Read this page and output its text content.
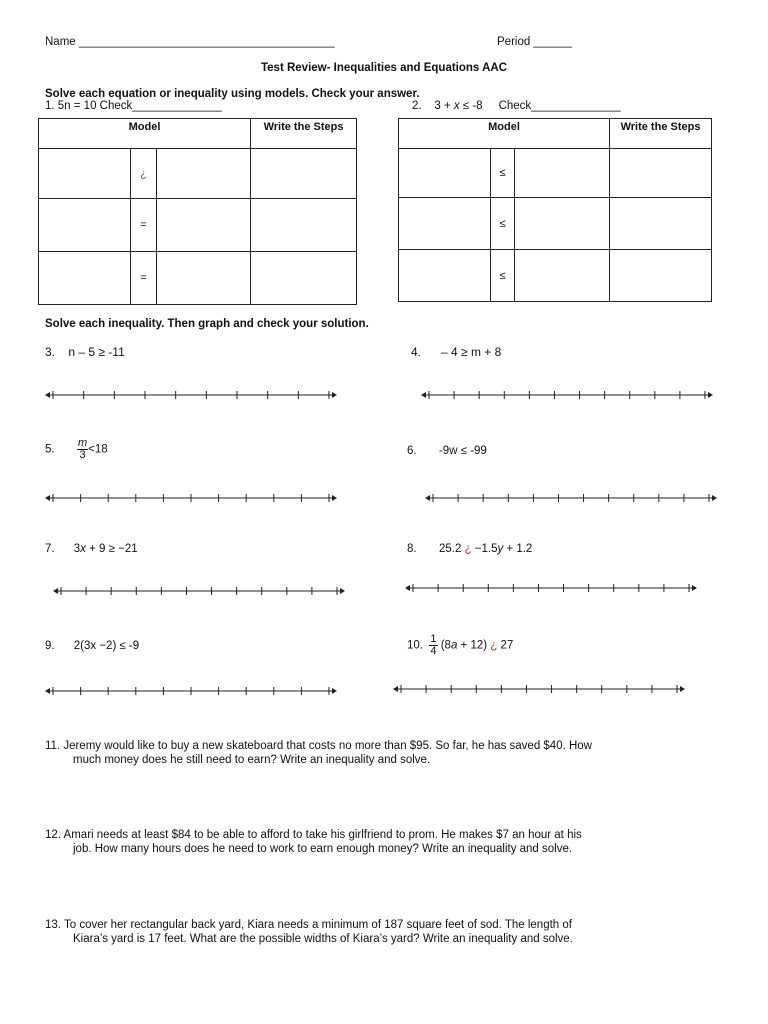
Name ________________________________________	Period ______
Test Review- Inequalities and Equations AAC
Solve each equation or inequality using models. Check your answer.
1. 5n = 10 Check______________	2. 3 + x ≤ -8 Check______________
Model			Write the Steps
	¿		
	=		
	=		
Model			Write the Steps
	≤		
	≤		
	≤		
Solve each inequality. Then graph and check your solution.
3. n – 5 ≥ -11	4. – 4 ≥ m + 8
5. $\frac{m}{3} <18$	6. -9w ≤ -99
7. 3x + 9 ≥ −21	8. 25.2 ¿ −1.5y + 1.2
9. 2(3x −2) ≤ -9	10. $\frac{1}{4} (8a + 12)$ ¿ 27
11. Jeremy would like to buy a new skateboard that costs no more than $95. So far, he has saved $40. How
much money does he still need to earn? Write an inequality and solve.
12. Amari needs at least $84 to be able to afford to take his girlfriend to prom. He makes $7 an hour at his
job. How many hours does he need to work to earn enough money? Write an inequality and solve.
13. To cover her rectangular back yard, Kiara needs a minimum of 187 square feet of sod. The length of
Kiara’s yard is 17 feet. What are the possible widths of Kiara’s yard? Write an inequality and solve.
